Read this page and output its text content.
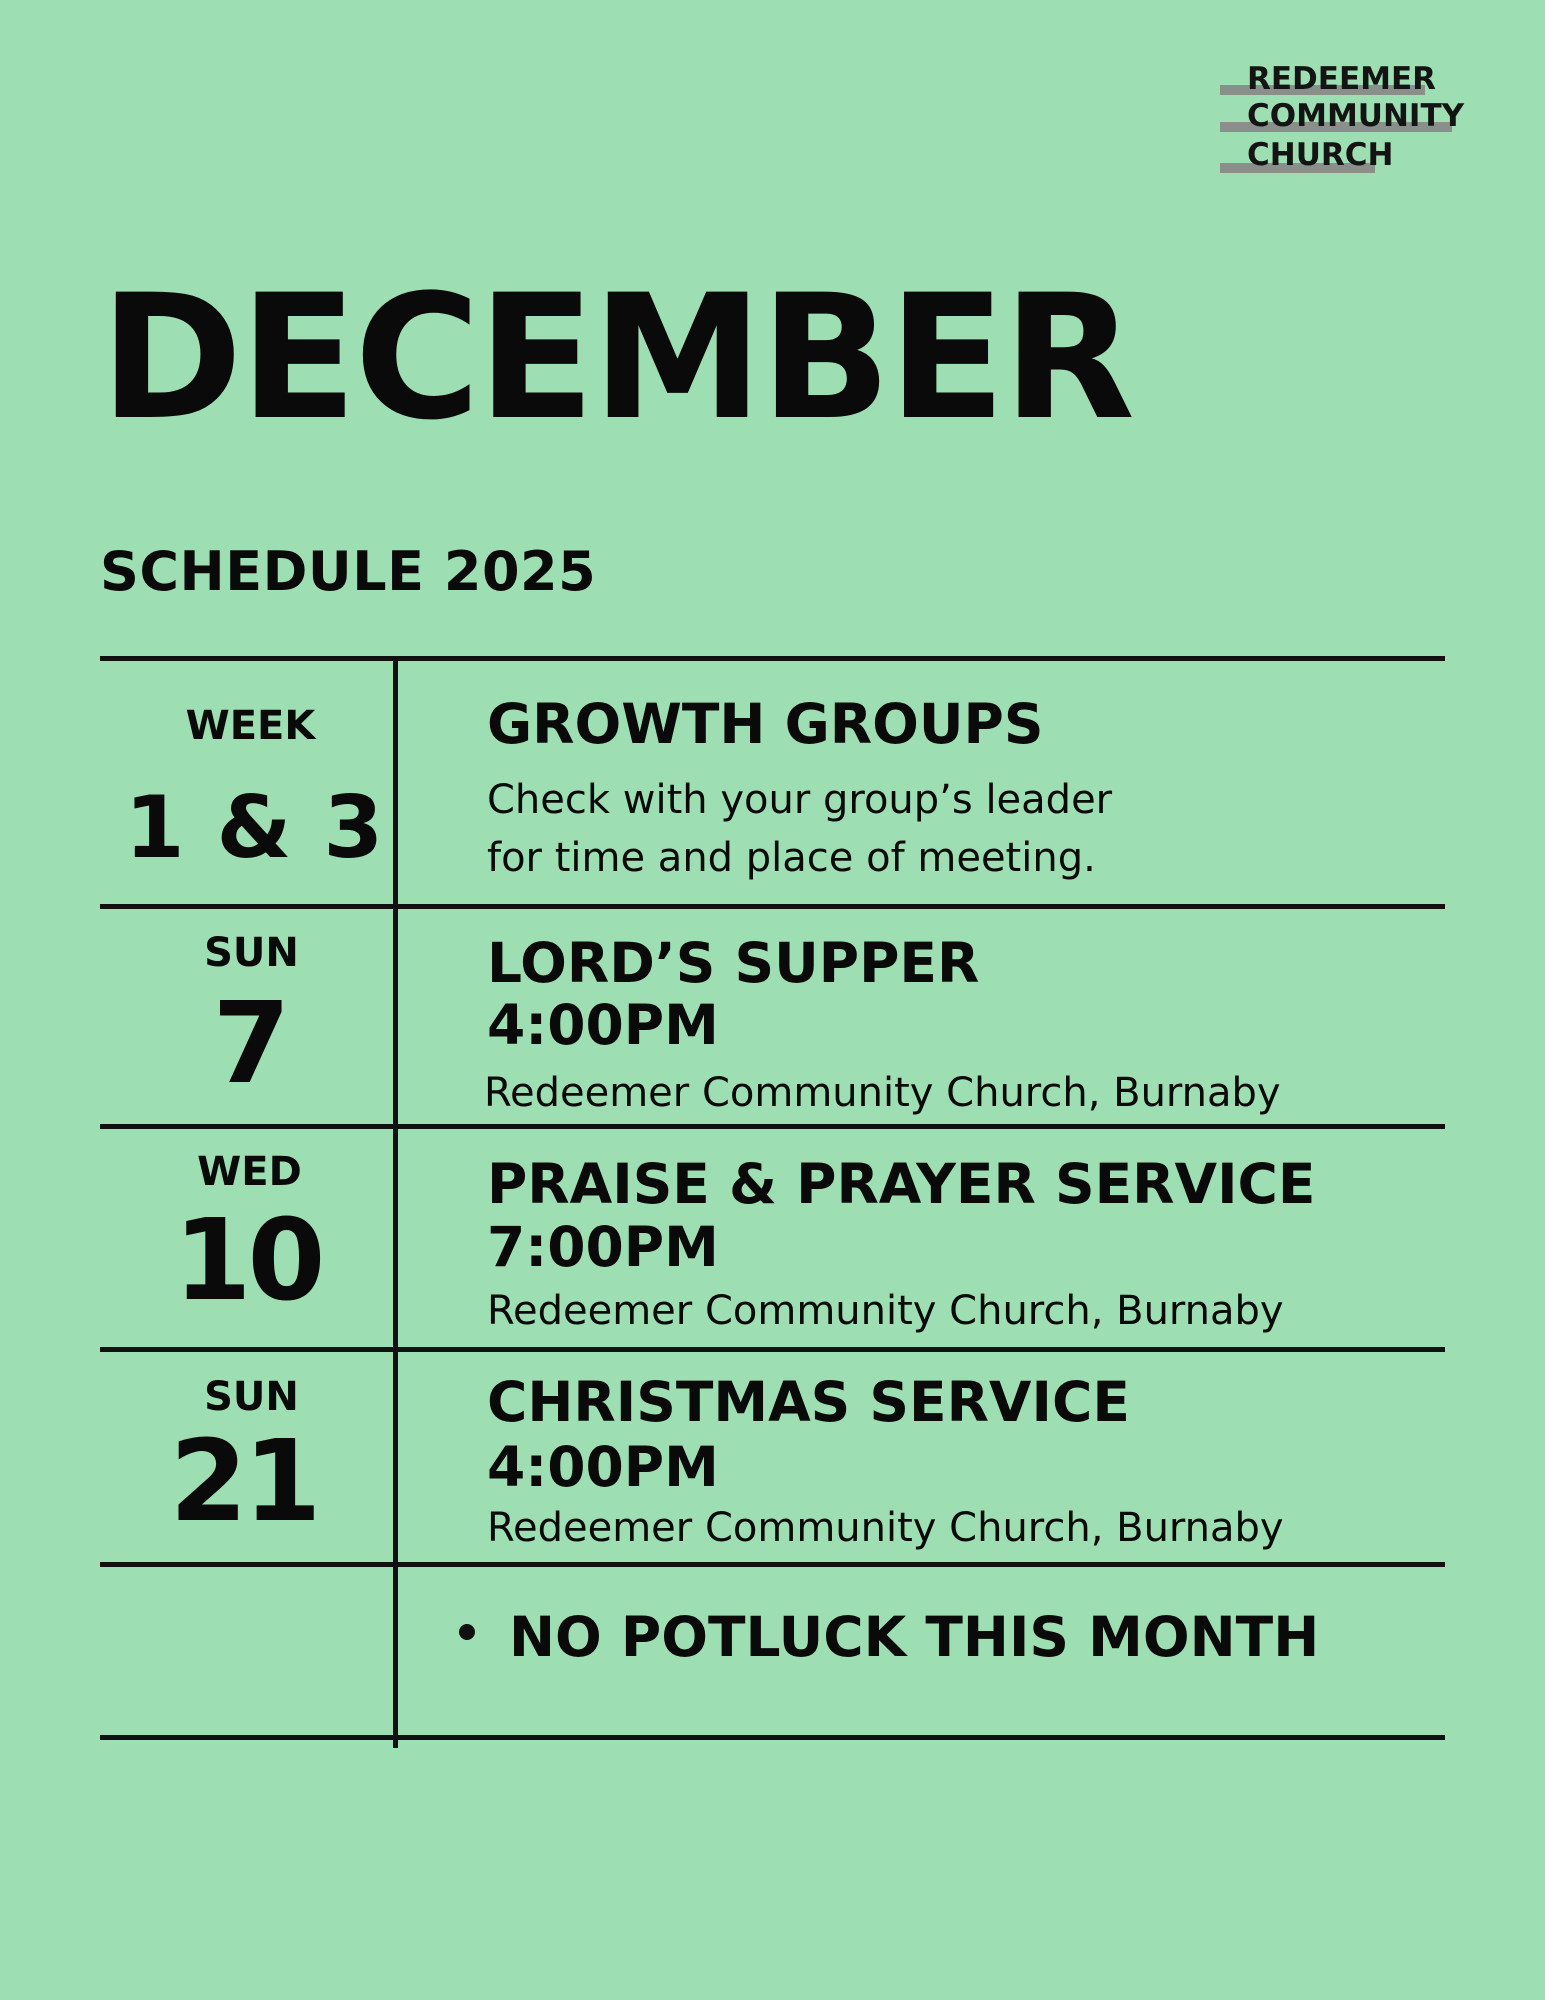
REDEEMER
COMMUNITY
CHURCH
DECEMBER
SCHEDULE 2025
WEEK
1 & 3
GROWTH GROUPS
Check with your group’s leader
for time and place of meeting.
SUN
7
LORD’S SUPPER
4:00PM
Redeemer Community Church, Burnaby
WED
10
PRAISE & PRAYER SERVICE
7:00PM
Redeemer Community Church, Burnaby
SUN
21
CHRISTMAS SERVICE
4:00PM
Redeemer Community Church, Burnaby
NO POTLUCK THIS MONTH
